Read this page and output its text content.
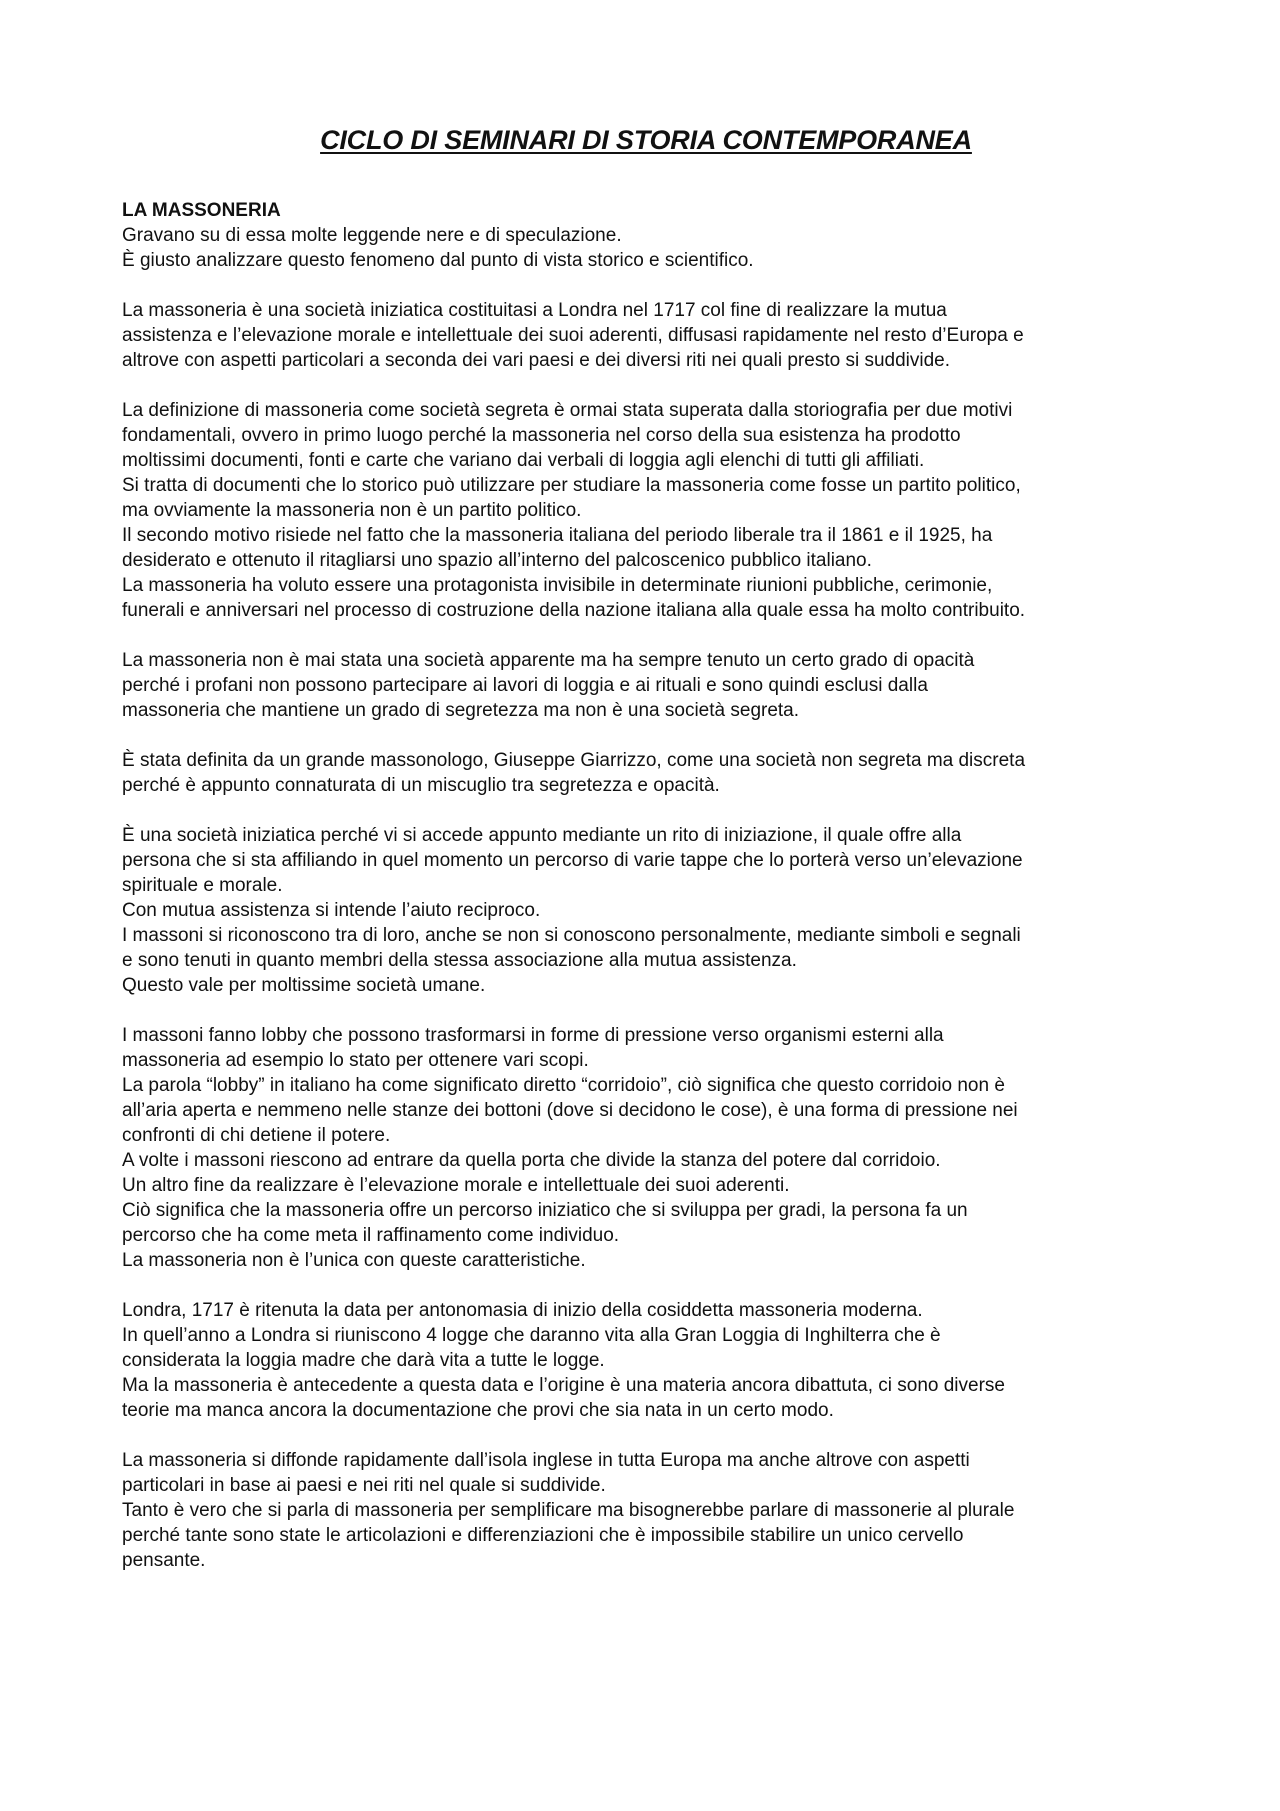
CICLO DI SEMINARI DI STORIA CONTEMPORANEA
LA MASSONERIA
Gravano su di essa molte leggende nere e di speculazione.
È giusto analizzare questo fenomeno dal punto di vista storico e scientifico.
La massoneria è una società iniziatica costituitasi a Londra nel 1717 col fine di realizzare la mutua
assistenza e l’elevazione morale e intellettuale dei suoi aderenti, diffusasi rapidamente nel resto d’Europa e
altrove con aspetti particolari a seconda dei vari paesi e dei diversi riti nei quali presto si suddivide.
La definizione di massoneria come società segreta è ormai stata superata dalla storiografia per due motivi
fondamentali, ovvero in primo luogo perché la massoneria nel corso della sua esistenza ha prodotto
moltissimi documenti, fonti e carte che variano dai verbali di loggia agli elenchi di tutti gli affiliati.
Si tratta di documenti che lo storico può utilizzare per studiare la massoneria come fosse un partito politico,
ma ovviamente la massoneria non è un partito politico.
Il secondo motivo risiede nel fatto che la massoneria italiana del periodo liberale tra il 1861 e il 1925, ha
desiderato e ottenuto il ritagliarsi uno spazio all’interno del palcoscenico pubblico italiano.
La massoneria ha voluto essere una protagonista invisibile in determinate riunioni pubbliche, cerimonie,
funerali e anniversari nel processo di costruzione della nazione italiana alla quale essa ha molto contribuito.
La massoneria non è mai stata una società apparente ma ha sempre tenuto un certo grado di opacità
perché i profani non possono partecipare ai lavori di loggia e ai rituali e sono quindi esclusi dalla
massoneria che mantiene un grado di segretezza ma non è una società segreta.
È stata definita da un grande massonologo, Giuseppe Giarrizzo, come una società non segreta ma discreta
perché è appunto connaturata di un miscuglio tra segretezza e opacità.
È una società iniziatica perché vi si accede appunto mediante un rito di iniziazione, il quale offre alla
persona che si sta affiliando in quel momento un percorso di varie tappe che lo porterà verso un’elevazione
spirituale e morale.
Con mutua assistenza si intende l’aiuto reciproco.
I massoni si riconoscono tra di loro, anche se non si conoscono personalmente, mediante simboli e segnali
e sono tenuti in quanto membri della stessa associazione alla mutua assistenza.
Questo vale per moltissime società umane.
I massoni fanno lobby che possono trasformarsi in forme di pressione verso organismi esterni alla
massoneria ad esempio lo stato per ottenere vari scopi.
La parola “lobby” in italiano ha come significato diretto “corridoio”, ciò significa che questo corridoio non è
all’aria aperta e nemmeno nelle stanze dei bottoni (dove si decidono le cose), è una forma di pressione nei
confronti di chi detiene il potere.
A volte i massoni riescono ad entrare da quella porta che divide la stanza del potere dal corridoio.
Un altro fine da realizzare è l’elevazione morale e intellettuale dei suoi aderenti.
Ciò significa che la massoneria offre un percorso iniziatico che si sviluppa per gradi, la persona fa un
percorso che ha come meta il raffinamento come individuo.
La massoneria non è l’unica con queste caratteristiche.
Londra, 1717 è ritenuta la data per antonomasia di inizio della cosiddetta massoneria moderna.
In quell’anno a Londra si riuniscono 4 logge che daranno vita alla Gran Loggia di Inghilterra che è
considerata la loggia madre che darà vita a tutte le logge.
Ma la massoneria è antecedente a questa data e l’origine è una materia ancora dibattuta, ci sono diverse
teorie ma manca ancora la documentazione che provi che sia nata in un certo modo.
La massoneria si diffonde rapidamente dall’isola inglese in tutta Europa ma anche altrove con aspetti
particolari in base ai paesi e nei riti nel quale si suddivide.
Tanto è vero che si parla di massoneria per semplificare ma bisognerebbe parlare di massonerie al plurale
perché tante sono state le articolazioni e differenziazioni che è impossibile stabilire un unico cervello
pensante.
